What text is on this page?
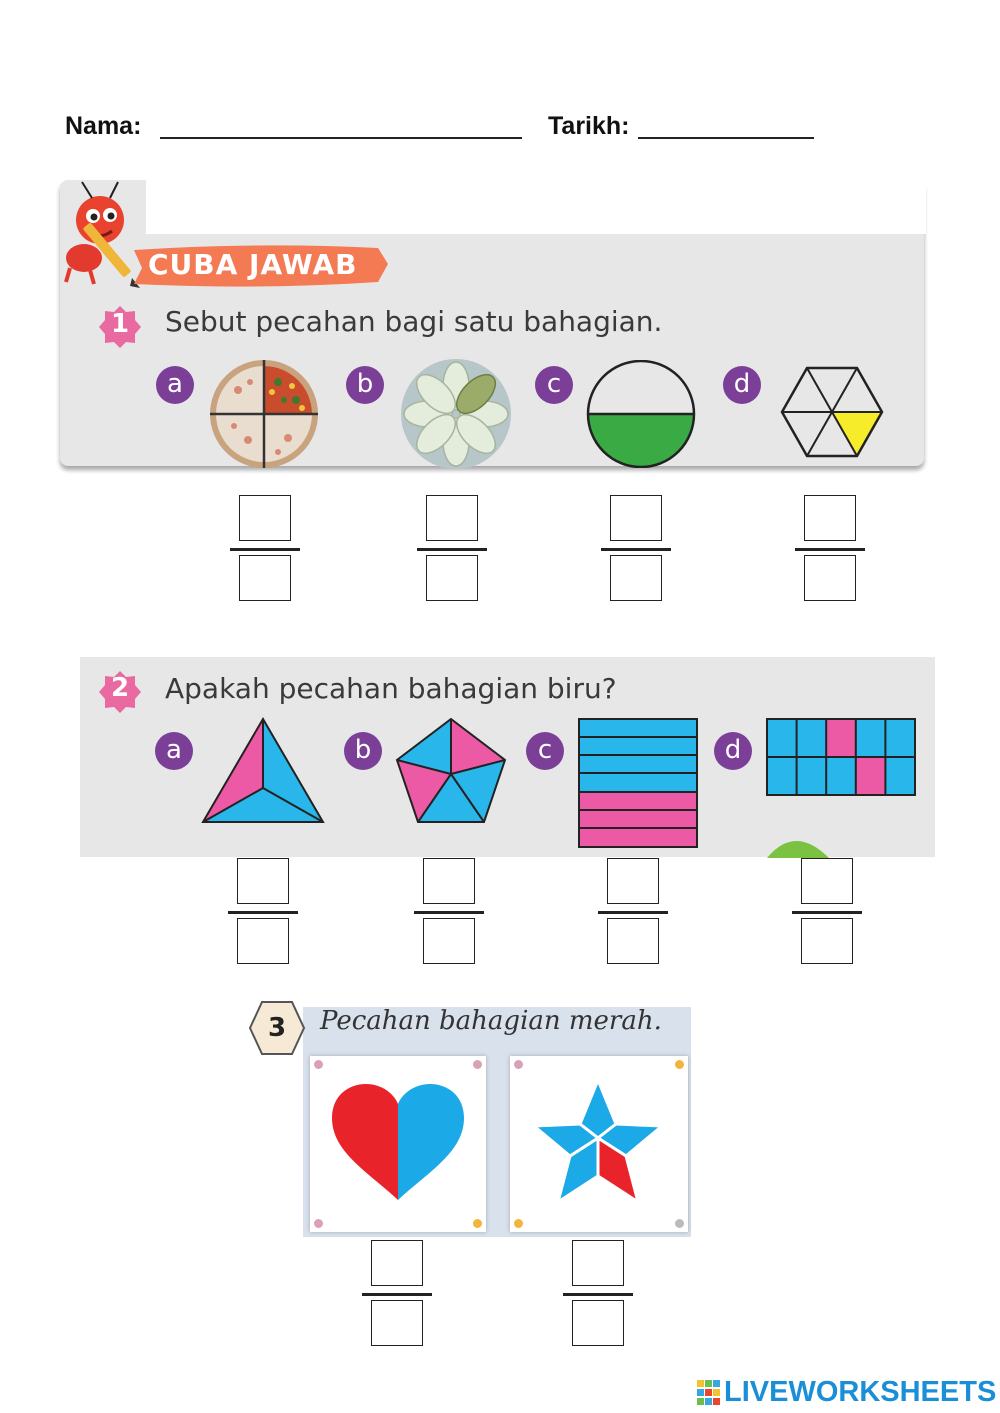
Nama:	Tarikh:
CUBA JAWAB
1	Sebut pecahan bagi satu bahagian.
a	b	c	d
2	Apakah pecahan bahagian biru?
a	b	c	d
3	Pecahan bahagian merah.
LIVEWORKSHEETS
